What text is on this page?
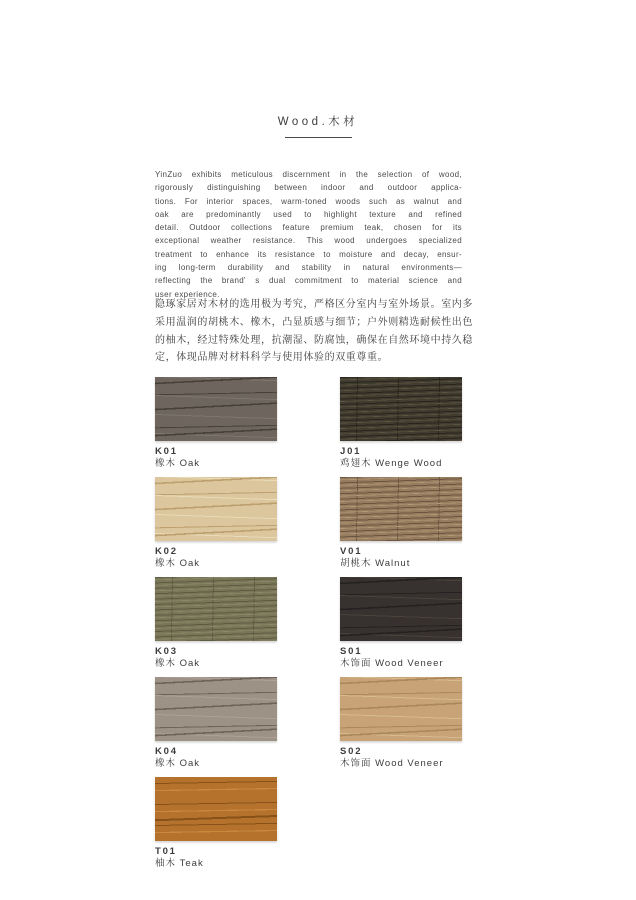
Wood.木材
YinZuo exhibits meticulous discernment in the selection of wood,
rigorously distinguishing between indoor and outdoor applica-
tions. For interior spaces, warm-toned woods such as walnut and
oak are predominantly used to highlight texture and refined
detail. Outdoor collections feature premium teak, chosen for its
exceptional weather resistance. This wood undergoes specialized
treatment to enhance its resistance to moisture and decay, ensur-
ing long-term durability and stability in natural environments—
reflecting the brand' s dual commitment to material science and
user experience.
隐琢家居对木材的选用极为考究，严格区分室内与室外场景。室内多
采用温润的胡桃木、橡木，凸显质感与细节；户外则精选耐候性出色
的柚木，经过特殊处理，抗潮湿、防腐蚀，确保在自然环境中持久稳
定，体现品牌对材料科学与使用体验的双重尊重。
K01
橡木 Oak
J01
鸡翅木 Wenge Wood
K02
橡木 Oak
V01
胡桃木 Walnut
K03
橡木 Oak
S01
木饰面 Wood Veneer
K04
橡木 Oak
S02
木饰面 Wood Veneer
T01
柚木 Teak
